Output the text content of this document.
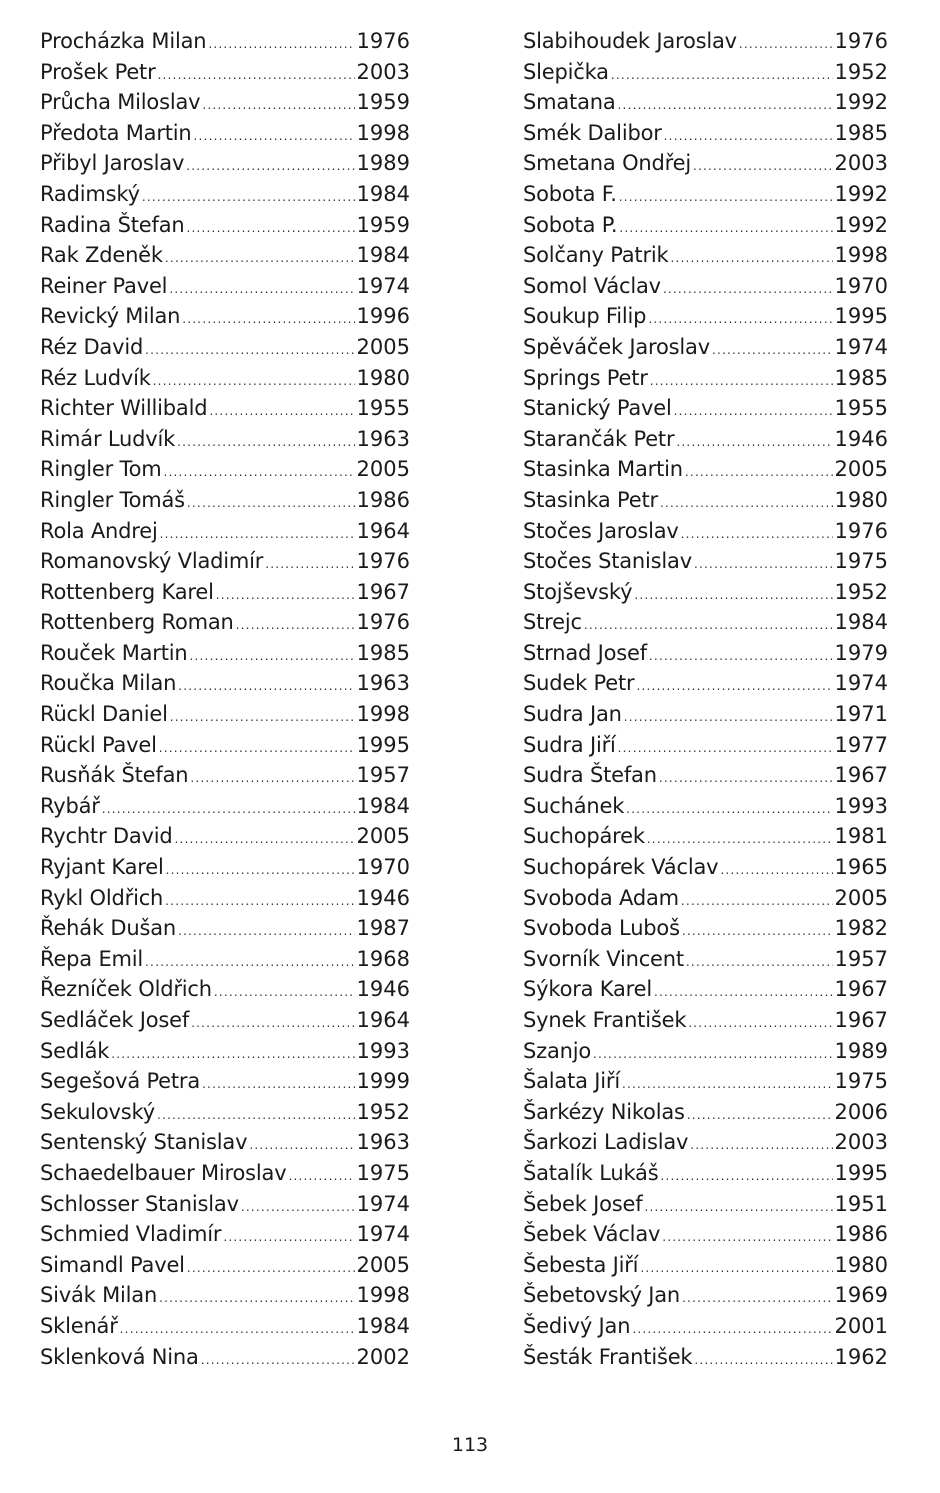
Procházka Milan .....	1976
Prošek Petr .....	2003
Průcha Miloslav .....	1959
Předota Martin .....	1998
Přibyl Jaroslav .....	1989
Radimský .....	1984
Radina Štefan .....	1959
Rak Zdeněk .....	1984
Reiner Pavel .....	1974
Revický Milan .....	1996
Réz David .....	2005
Réz Ludvík .....	1980
Richter Willibald .....	1955
Rimár Ludvík .....	1963
Ringler Tom .....	2005
Ringler Tomáš .....	1986
Rola Andrej .....	1964
Romanovský Vladimír .....	1976
Rottenberg Karel .....	1967
Rottenberg Roman .....	1976
Rouček Martin .....	1985
Roučka Milan .....	1963
Rückl Daniel .....	1998
Rückl Pavel .....	1995
Rusňák Štefan .....	1957
Rybář .....	1984
Rychtr David .....	2005
Ryjant Karel .....	1970
Rykl Oldřich .....	1946
Řehák Dušan .....	1987
Řepa Emil .....	1968
Řezníček Oldřich .....	1946
Sedláček Josef .....	1964
Sedlák .....	1993
Segešová Petra .....	1999
Sekulovský .....	1952
Sentenský Stanislav .....	1963
Schaedelbauer Miroslav .....	1975
Schlosser Stanislav .....	1974
Schmied Vladimír .....	1974
Simandl Pavel .....	2005
Sivák Milan .....	1998
Sklenář .....	1984
Sklenková Nina .....	2002
Slabihoudek Jaroslav .....	1976
Slepička .....	1952
Smatana .....	1992
Smék Dalibor .....	1985
Smetana Ondřej .....	2003
Sobota F. .....	1992
Sobota P. .....	1992
Solčany Patrik .....	1998
Somol Václav .....	1970
Soukup Filip .....	1995
Spěváček Jaroslav .....	1974
Springs Petr .....	1985
Stanický Pavel .....	1955
Starančák Petr .....	1946
Stasinka Martin .....	2005
Stasinka Petr .....	1980
Stočes Jaroslav .....	1976
Stočes Stanislav .....	1975
Stojševský .....	1952
Strejc .....	1984
Strnad Josef .....	1979
Sudek Petr .....	1974
Sudra Jan .....	1971
Sudra Jiří .....	1977
Sudra Štefan .....	1967
Suchánek .....	1993
Suchopárek .....	1981
Suchopárek Václav .....	1965
Svoboda Adam .....	2005
Svoboda Luboš .....	1982
Svorník Vincent .....	1957
Sýkora Karel .....	1967
Synek František .....	1967
Szanjo .....	1989
Šalata Jiří .....	1975
Šarkézy Nikolas .....	2006
Šarkozi Ladislav .....	2003
Šatalík Lukáš .....	1995
Šebek Josef .....	1951
Šebek Václav .....	1986
Šebesta Jiří .....	1980
Šebetovský Jan .....	1969
Šedivý Jan .....	2001
Šesták František .....	1962
113
